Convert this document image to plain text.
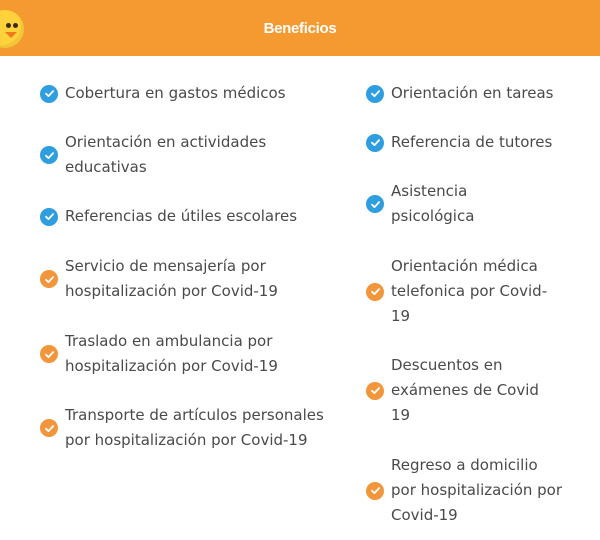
Beneficios
Cobertura en gastos médicos
Orientación en actividades educativas
Referencias de útiles escolares
Servicio de mensajería por hospitalización por Covid-19
Traslado en ambulancia por hospitalización por Covid-19
Transporte de artículos personales por hospitalización por Covid-19
Orientación en tareas
Referencia de tutores
Asistencia psicológica
Orientación médica telefonica por Covid-19
Descuentos en exámenes de Covid 19
Regreso a domicilio por hospitalización por Covid-19
